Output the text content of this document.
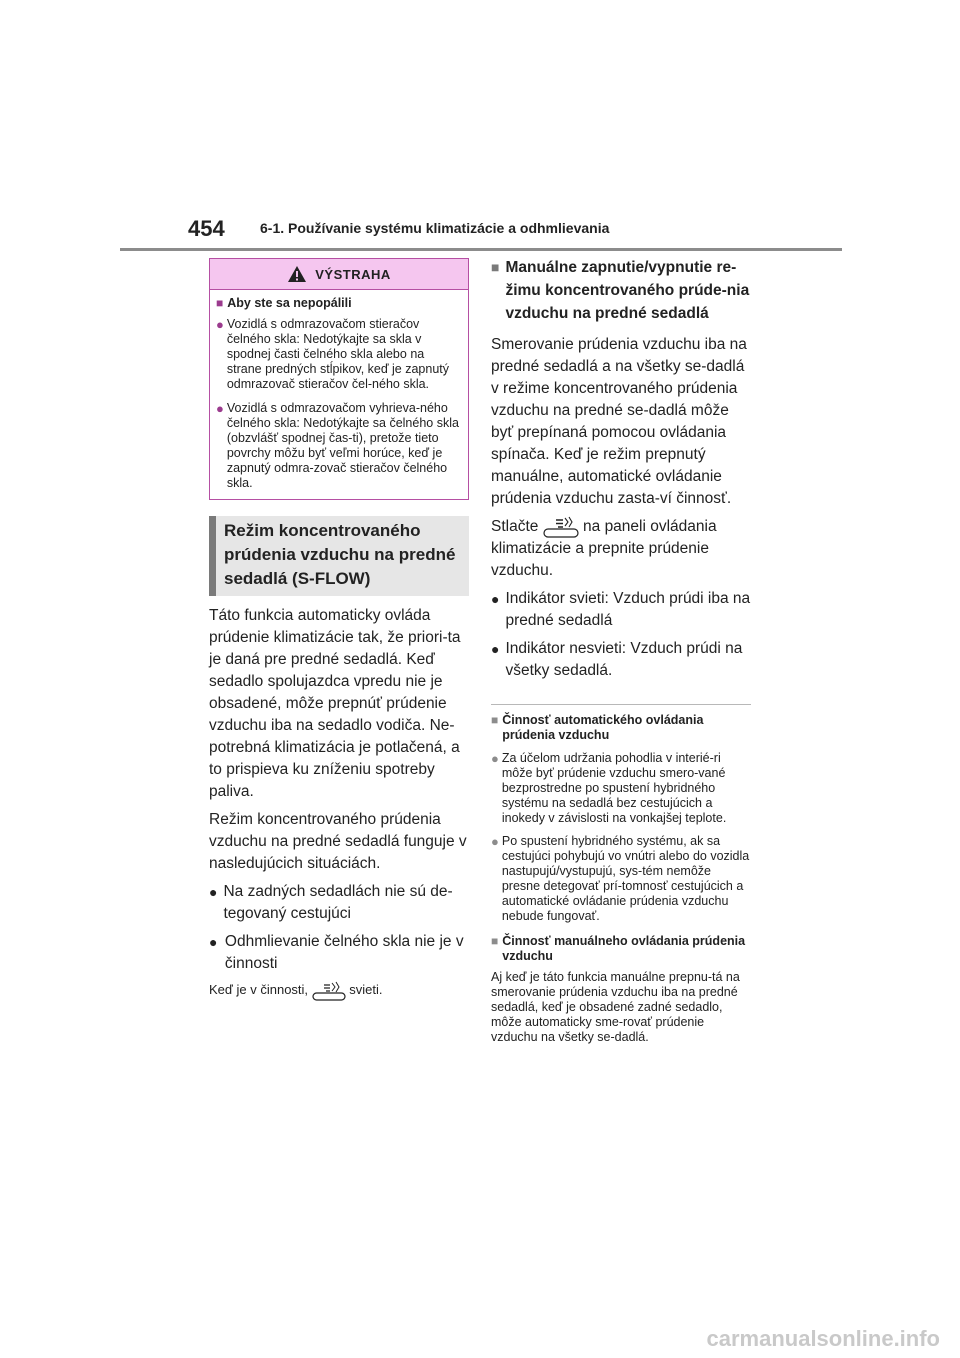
454	6-1. Používanie systému klimatizácie a odhmlievania
VÝSTRAHA
■ Aby ste sa nepopálili
● Vozidlá s odmrazovačom stieračov čelného skla: Nedotýkajte sa skla v spodnej časti čelného skla alebo na strane predných stĺpikov, keď je zapnutý odmrazovač stieračov čel-ného skla.
● Vozidlá s odmrazovačom vyhrieva-ného čelného skla: Nedotýkajte sa čelného skla (obzvlášť spodnej čas-ti), pretože tieto povrchy môžu byť veľmi horúce, keď je zapnutý odmra-zovač stieračov čelného skla.

Režim koncentrovaného prúdenia vzduchu na predné sedadlá (S-FLOW)

Táto funkcia automaticky ovláda prúdenie klimatizácie tak, že priori-ta je daná pre predné sedadlá. Keď sedadlo spolujazdca vpredu nie je obsadené, môže prepnúť prúdenie vzduchu iba na sedadlo vodiča. Ne-potrebná klimatizácia je potlačená, a to prispieva ku zníženiu spotreby paliva.

Režim koncentrovaného prúdenia vzduchu na predné sedadlá funguje v nasledujúcich situáciách.

● Na zadných sedadlách nie sú de-tegovaný cestujúci
● Odhmlievanie čelného skla nie je v činnosti
Keď je v činnosti,	svieti.
■ Manuálne zapnutie/vypnutie re-žimu koncentrovaného prúde-nia vzduchu na predné sedadlá

Smerovanie prúdenia vzduchu iba na predné sedadlá a na všetky se-dadlá v režime koncentrovaného prúdenia vzduchu na predné se-dadlá môže byť prepínaná pomocou ovládania spínača. Keď je režim prepnutý manuálne, automatické ovládanie prúdenia vzduchu zasta-ví činnosť.

Stlačte	na paneli ovládania klimatizácie a prepnite prúdenie vzduchu.

● Indikátor svieti: Vzduch prúdi iba na predné sedadlá
● Indikátor nesvieti: Vzduch prúdi na všetky sedadlá.
■ Činnosť automatického ovládania prúdenia vzduchu
● Za účelom udržania pohodlia v interié-ri môže byť prúdenie vzduchu smero-vané bezprostredne po spustení hybridného systému na sedadlá bez cestujúcich a inokedy v závislosti na vonkajšej teplote.
● Po spustení hybridného systému, ak sa cestujúci pohybujú vo vnútri alebo do vozidla nastupujú/vystupujú, sys-tém nemôže presne detegovať prí-tomnosť cestujúcich a automatické ovládanie prúdenia vzduchu nebude fungovať.
■ Činnosť manuálneho ovládania prúdenia vzduchu
Aj keď je táto funkcia manuálne prepnu-tá na smerovanie prúdenia vzduchu iba na predné sedadlá, keď je obsadené zadné sedadlo, môže automaticky sme-rovať prúdenie vzduchu na všetky se-dadlá.
carmanualsonline.info
